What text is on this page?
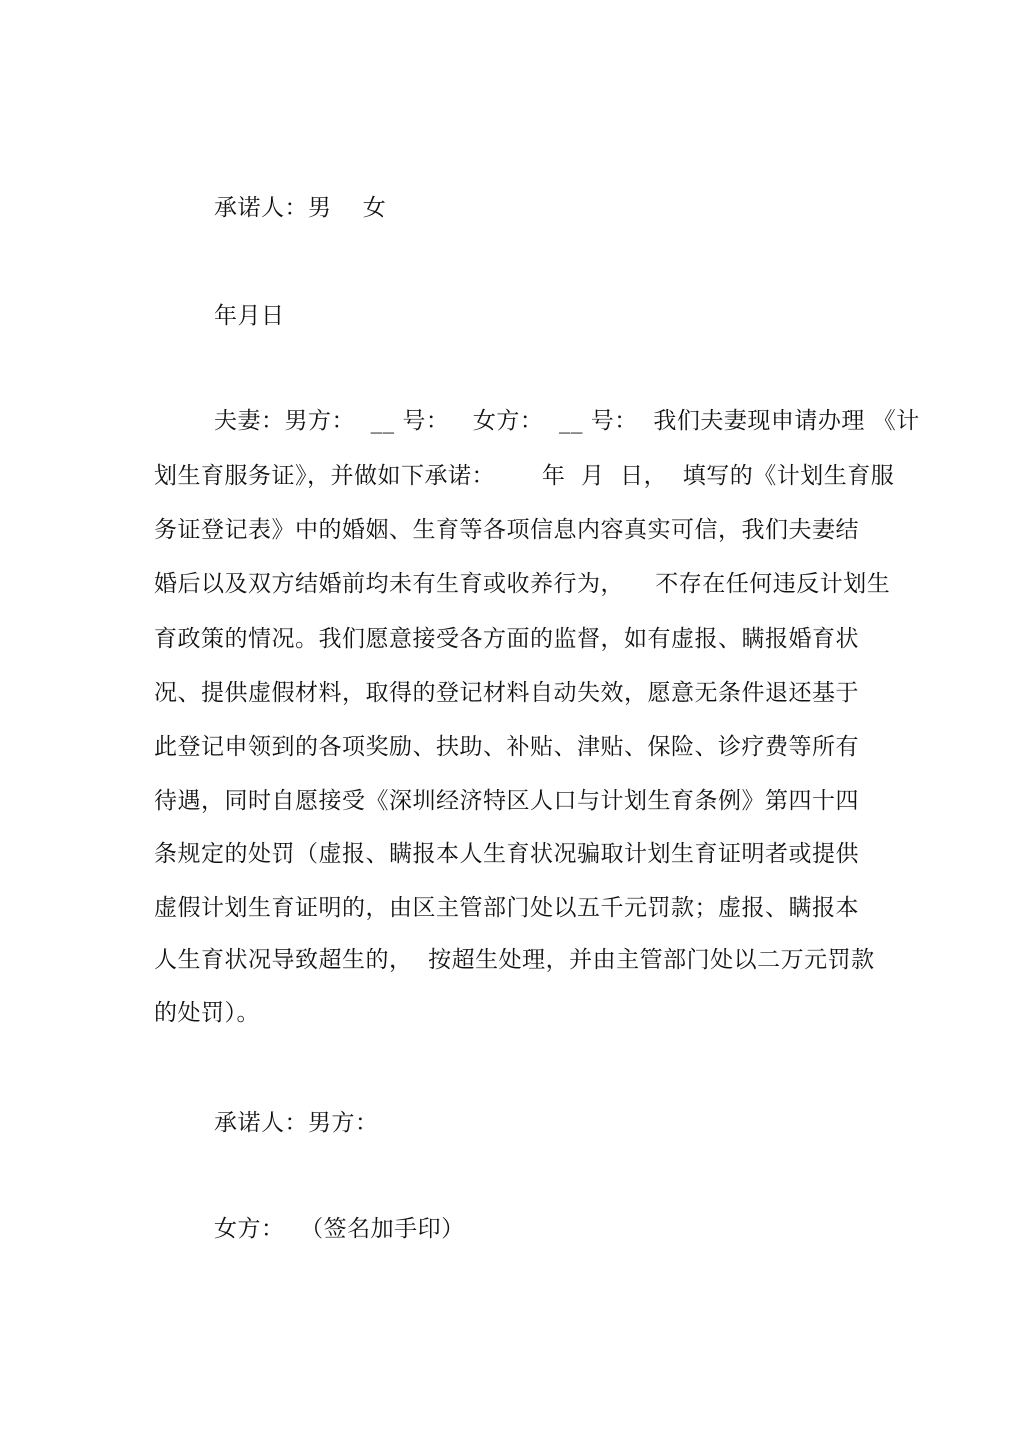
承诺人：男    女
年月日
夫妻：男方：  __ 号：   女方：  __ 号：  我们夫妻现申请办理 《计
划生育服务证》，并做如下承诺：      年  月  日，  填写的《计划生育服
务证登记表》中的婚姻、生育等各项信息内容真实可信，我们夫妻结
婚后以及双方结婚前均未有生育或收养行为，    不存在任何违反计划生
育政策的情况。我们愿意接受各方面的监督，如有虚报、瞒报婚育状
况、提供虚假材料，取得的登记材料自动失效，愿意无条件退还基于
此登记申领到的各项奖励、扶助、补贴、津贴、保险、诊疗费等所有
待遇，同时自愿接受《深圳经济特区人口与计划生育条例》第四十四
条规定的处罚（虚报、瞒报本人生育状况骗取计划生育证明者或提供
虚假计划生育证明的，由区主管部门处以五千元罚款；虚报、瞒报本
人生育状况导致超生的，  按超生处理，并由主管部门处以二万元罚款
的处罚）。
承诺人：男方：
女方：  （签名加手印）
